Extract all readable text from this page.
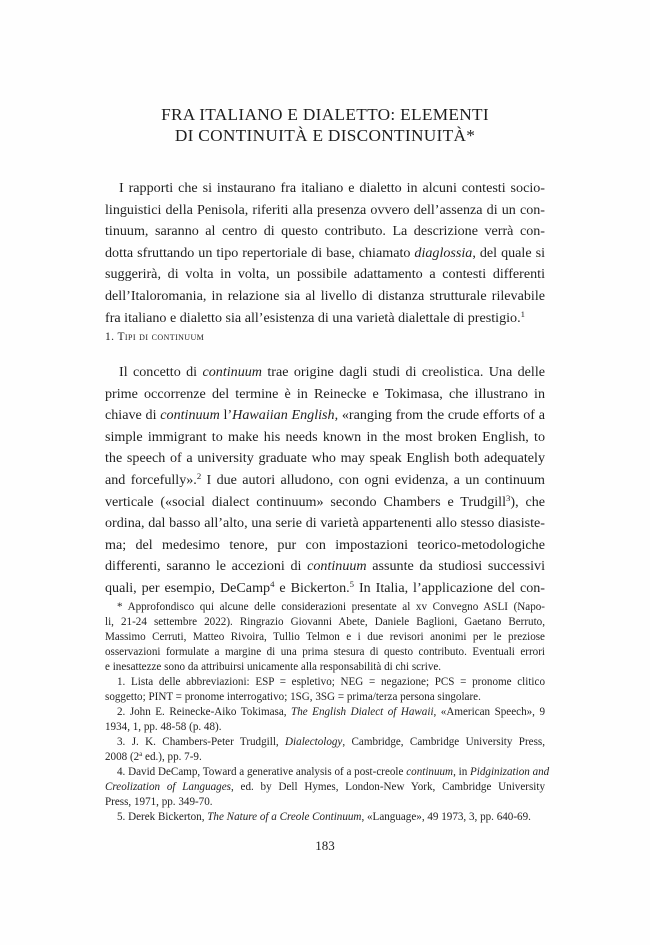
FRA ITALIANO E DIALETTO: ELEMENTI
DI CONTINUITÀ E DISCONTINUITÀ*

I rapporti che si instaurano fra italiano e dialetto in alcuni contesti socio-
linguistici della Penisola, riferiti alla presenza ovvero dell’assenza di un con-
tinuum, saranno al centro di questo contributo. La descrizione verrà con-
dotta sfruttando un tipo repertoriale di base, chiamato diaglossia, del quale si
suggerirà, di volta in volta, un possibile adattamento a contesti differenti
dell’Italoromania, in relazione sia al livello di distanza strutturale rilevabile
fra italiano e dialetto sia all’esistenza di una varietà dialettale di prestigio.$^1$

1. Tipi di continuum

Il concetto di continuum trae origine dagli studi di creolistica. Una delle
prime occorrenze del termine è in Reinecke e Tokimasa, che illustrano in
chiave di continuum l’Hawaiian English, «ranging from the crude efforts of a
simple immigrant to make his needs known in the most broken English, to
the speech of a university graduate who may speak English both adequately
and forcefully».$^2$ I due autori alludono, con ogni evidenza, a un continuum
verticale («social dialect continuum» secondo Chambers e Trudgill$^3$), che
ordina, dal basso all’alto, una serie di varietà appartenenti allo stesso diasiste-
ma; del medesimo tenore, pur con impostazioni teorico-metodologiche
differenti, saranno le accezioni di continuum assunte da studiosi successivi
quali, per esempio, DeCamp$^4$ e Bickerton.$^5$ In Italia, l’applicazione del con-

* Approfondisco qui alcune delle considerazioni presentate al xv Convegno ASLI (Napo-
li, 21-24 settembre 2022). Ringrazio Giovanni Abete, Daniele Baglioni, Gaetano Berruto,
Massimo Cerruti, Matteo Rivoira, Tullio Telmon e i due revisori anonimi per le preziose
osservazioni formulate a margine di una prima stesura di questo contributo. Eventuali errori
e inesattezze sono da attribuirsi unicamente alla responsabilità di chi scrive.
1. Lista delle abbreviazioni: ESP = espletivo; NEG = negazione; PCS = pronome clitico
soggetto; PINT = pronome interrogativo; 1SG, 3SG = prima/terza persona singolare.
2. John E. Reinecke-Aiko Tokimasa, The English Dialect of Hawaii, «American Speech», 9
1934, 1, pp. 48-58 (p. 48).
3. J. K. Chambers-Peter Trudgill, Dialectology, Cambridge, Cambridge University Press,
2008 (2$^a$ ed.), pp. 7-9.
4. David DeCamp, Toward a generative analysis of a post-creole continuum, in Pidginization and
Creolization of Languages, ed. by Dell Hymes, London-New York, Cambridge University
Press, 1971, pp. 349-70.
5. Derek Bickerton, The Nature of a Creole Continuum, «Language», 49 1973, 3, pp. 640-69.
183
